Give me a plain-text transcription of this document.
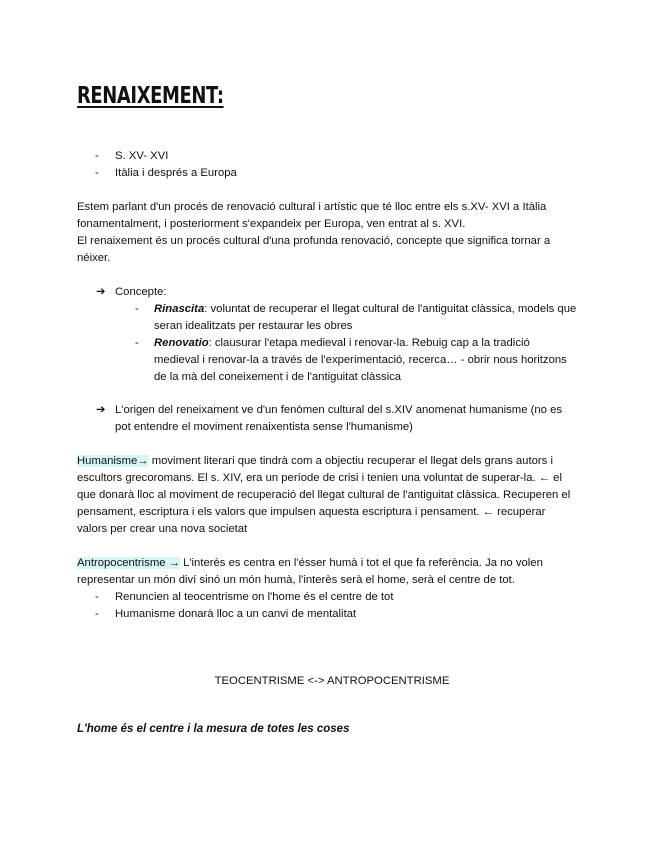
RENAIXEMENT:
- S. XV- XVI
- Itàlia i després a Europa

Estem parlant d'un procés de renovació cultural i artístic que té lloc entre els s.XV- XVI a Itàlia fonamentalment, i posteriorment s'expandeix per Europa, ven entrat al s. XVI.

El renaixement és un procés cultural d'una profunda renovació, concepte que significa tornar a néixer.

➔ Concepte:
- Rinascita: voluntat de recuperar el llegat cultural de l'antiguitat clàssica, models que seran idealitzats per restaurar les obres
- Renovatio: clausurar l'etapa medieval i renovar-la. Rebuig cap a la tradició medieval i renovar-la a través de l'experimentació, recerca… - obrir nous horitzons de la mà del coneixement i de l'antiguitat clàssica
➔ L'origen del reneixament ve d'un fenòmen cultural del s.XIV anomenat humanisme (no es pot entendre el moviment renaixentista sense l'humanisme)

Humanisme→ moviment literari que tindrà com a objectiu recuperar el llegat dels grans autors i escultors grecoromans. El s. XIV, era un període de crisi i tenien una voluntat de superar-la. ← el que donarà lloc al moviment de recuperació del llegat cultural de l'antiguitat clàssica. Recuperen el pensament, escriptura i els valors que impulsen aquesta escriptura i pensament. ← recuperar valors per crear una nova societat

Antropocentrisme → L'interès es centra en l'ésser humà i tot el que fa referència. Ja no volen representar un món diví sinó un món humà, l'interès serà el home, serà el centre de tot.

- Renuncien al teocentrisme on l'home és el centre de tot
- Humanisme donarà lloc a un canvi de mentalitat
TEOCENTRISME <-> ANTROPOCENTRISME
L'home és el centre i la mesura de totes les coses
